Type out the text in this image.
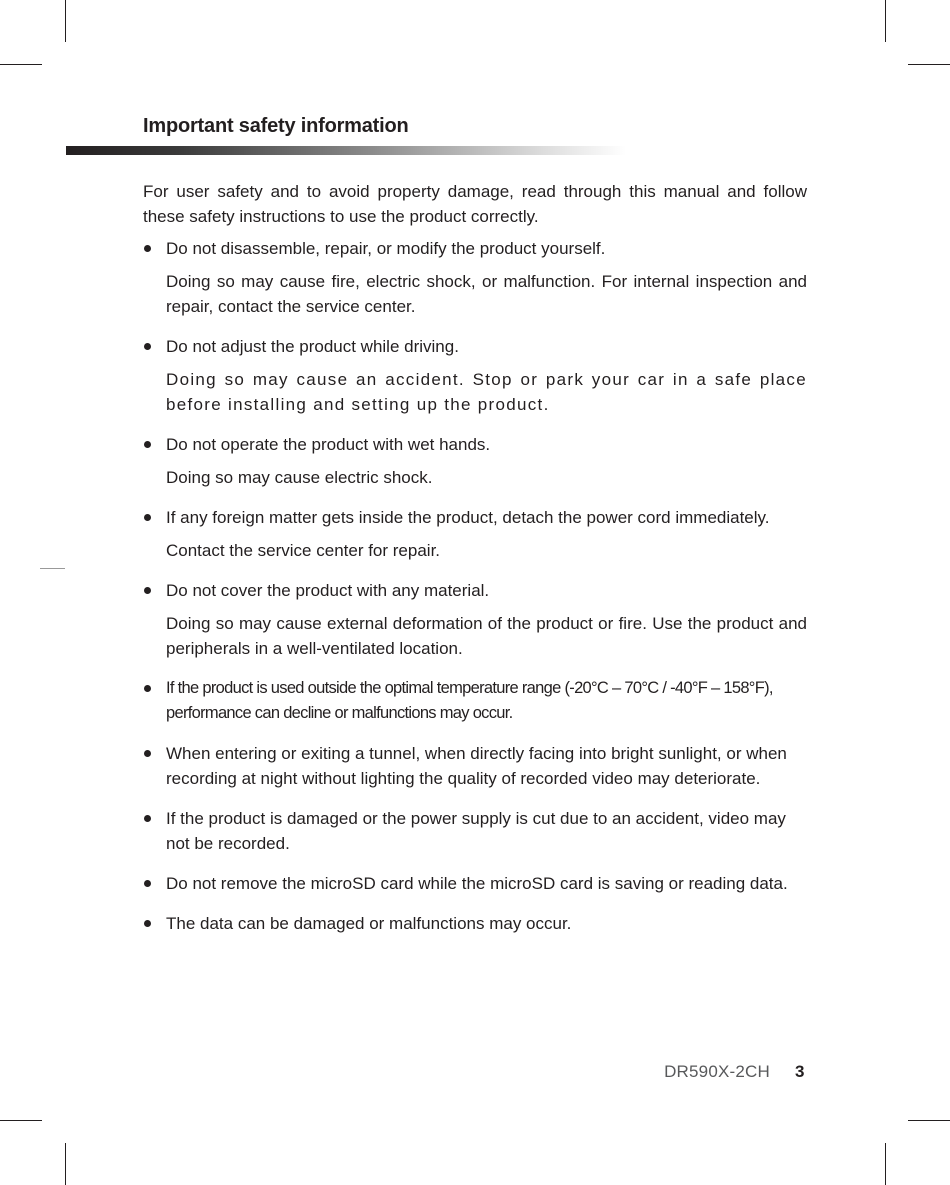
Important safety information

For user safety and to avoid property damage, read through this manual and follow these safety instructions to use the product correctly.

Do not disassemble, repair, or modify the product yourself.

Doing so may cause fire, electric shock, or malfunction. For internal inspection and repair, contact the service center.

Do not adjust the product while driving.

Doing so may cause an accident. Stop or park your car in a safe place before installing and setting up the product.

Do not operate the product with wet hands.

Doing so may cause electric shock.

If any foreign matter gets inside the product, detach the power cord immediately.

Contact the service center for repair.

Do not cover the product with any material.

Doing so may cause external deformation of the product or fire. Use the product and peripherals in a well-ventilated location.

If the product is used outside the optimal temperature range (-20°C – 70°C / -40°F – 158°F), performance can decline or malfunctions may occur.

When entering or exiting a tunnel, when directly facing into bright sunlight, or when recording at night without lighting the quality of recorded video may deteriorate.

If the product is damaged or the power supply is cut due to an accident, video may not be recorded.

Do not remove the microSD card while the microSD card is saving or reading data.

The data can be damaged or malfunctions may occur.

DR590X-2CH 3
